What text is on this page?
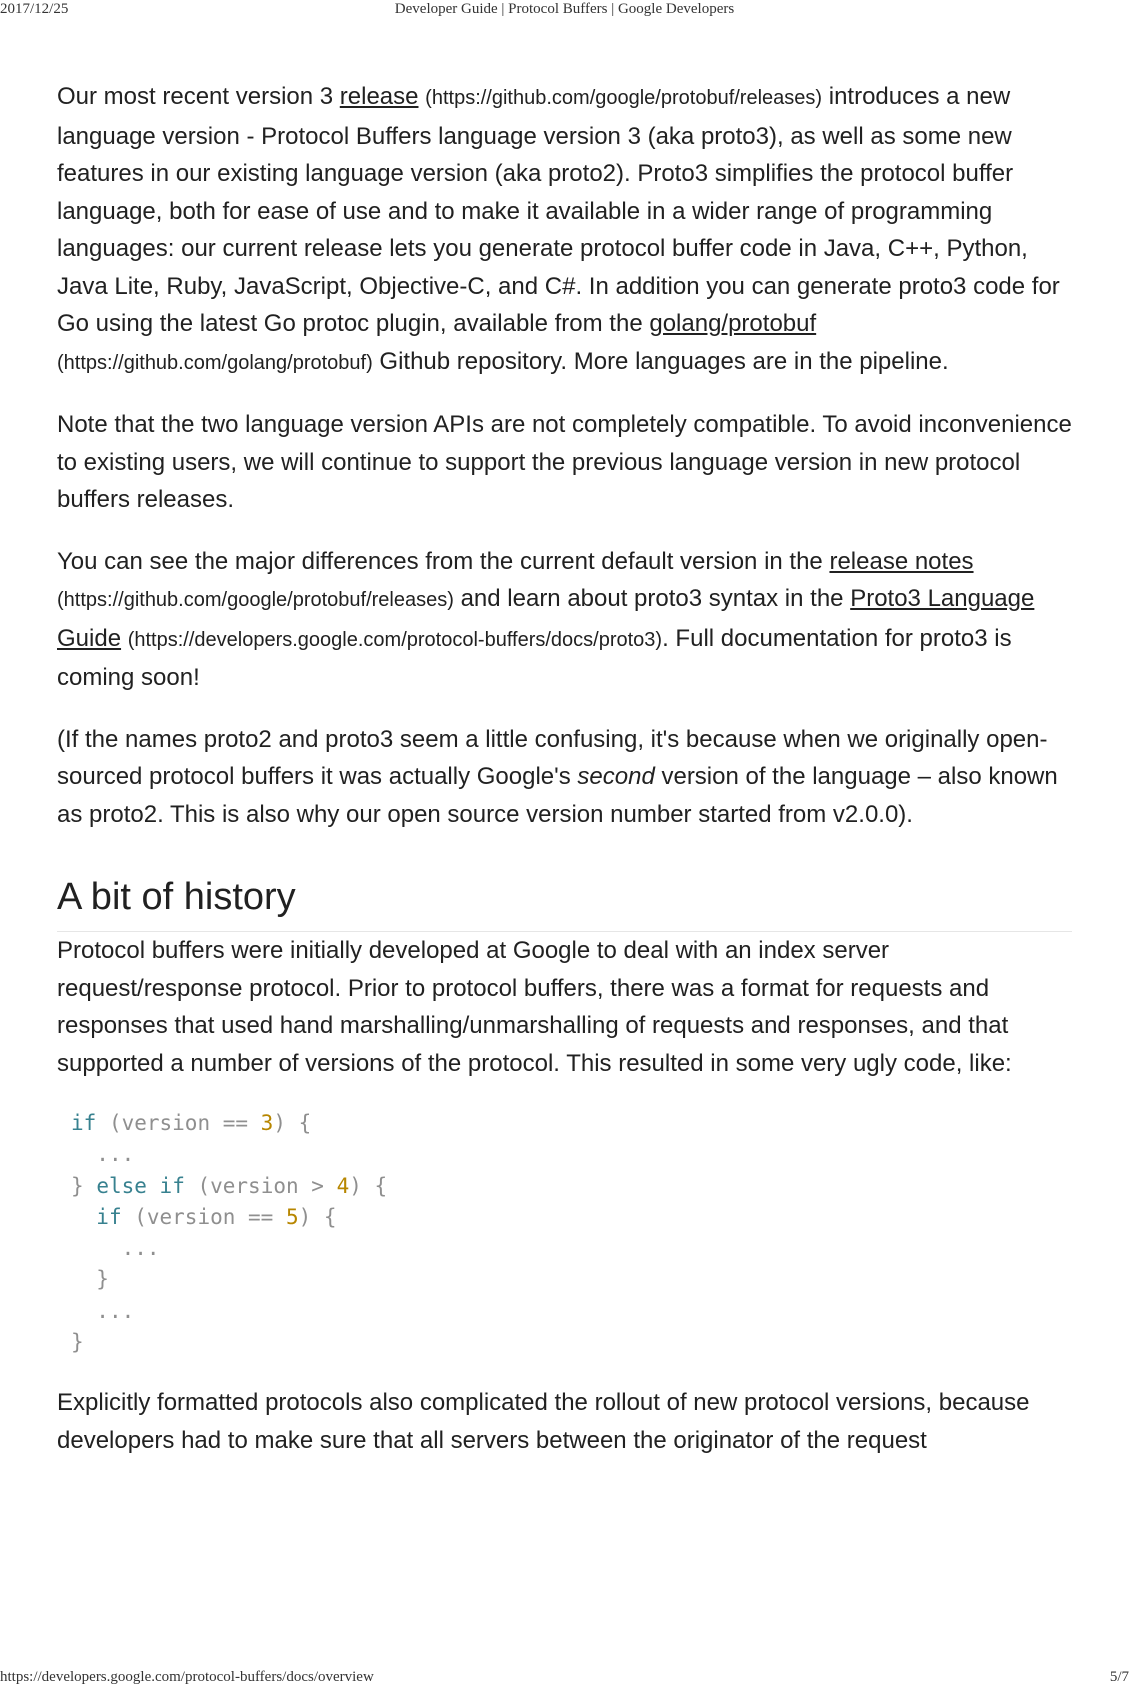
2017/12/25	Developer Guide | Protocol Buffers | Google Developers

Our most recent version 3 release (https://github.com/google/protobuf/releases) introduces a new language version - Protocol Buffers language version 3 (aka proto3), as well as some new features in our existing language version (aka proto2). Proto3 simplifies the protocol buffer language, both for ease of use and to make it available in a wider range of programming languages: our current release lets you generate protocol buffer code in Java, C++, Python, Java Lite, Ruby, JavaScript, Objective-C, and C#. In addition you can generate proto3 code for Go using the latest Go protoc plugin, available from the golang/protobuf (https://github.com/golang/protobuf) Github repository. More languages are in the pipeline.

Note that the two language version APIs are not completely compatible. To avoid inconvenience to existing users, we will continue to support the previous language version in new protocol buffers releases.

You can see the major differences from the current default version in the release notes (https://github.com/google/protobuf/releases) and learn about proto3 syntax in the Proto3 Language Guide (https://developers.google.com/protocol-buffers/docs/proto3). Full documentation for proto3 is coming soon!

(If the names proto2 and proto3 seem a little confusing, it's because when we originally open-sourced protocol buffers it was actually Google's second version of the language – also known as proto2. This is also why our open source version number started from v2.0.0).

A bit of history

Protocol buffers were initially developed at Google to deal with an index server request/response protocol. Prior to protocol buffers, there was a format for requests and responses that used hand marshalling/unmarshalling of requests and responses, and that supported a number of versions of the protocol. This resulted in some very ugly code, like:

if (version == 3) {
...
} else if (version > 4) {
if (version == 5) {
...
}
...
}

Explicitly formatted protocols also complicated the rollout of new protocol versions, because developers had to make sure that all servers between the originator of the request

https://developers.google.com/protocol-buffers/docs/overview	5/7
